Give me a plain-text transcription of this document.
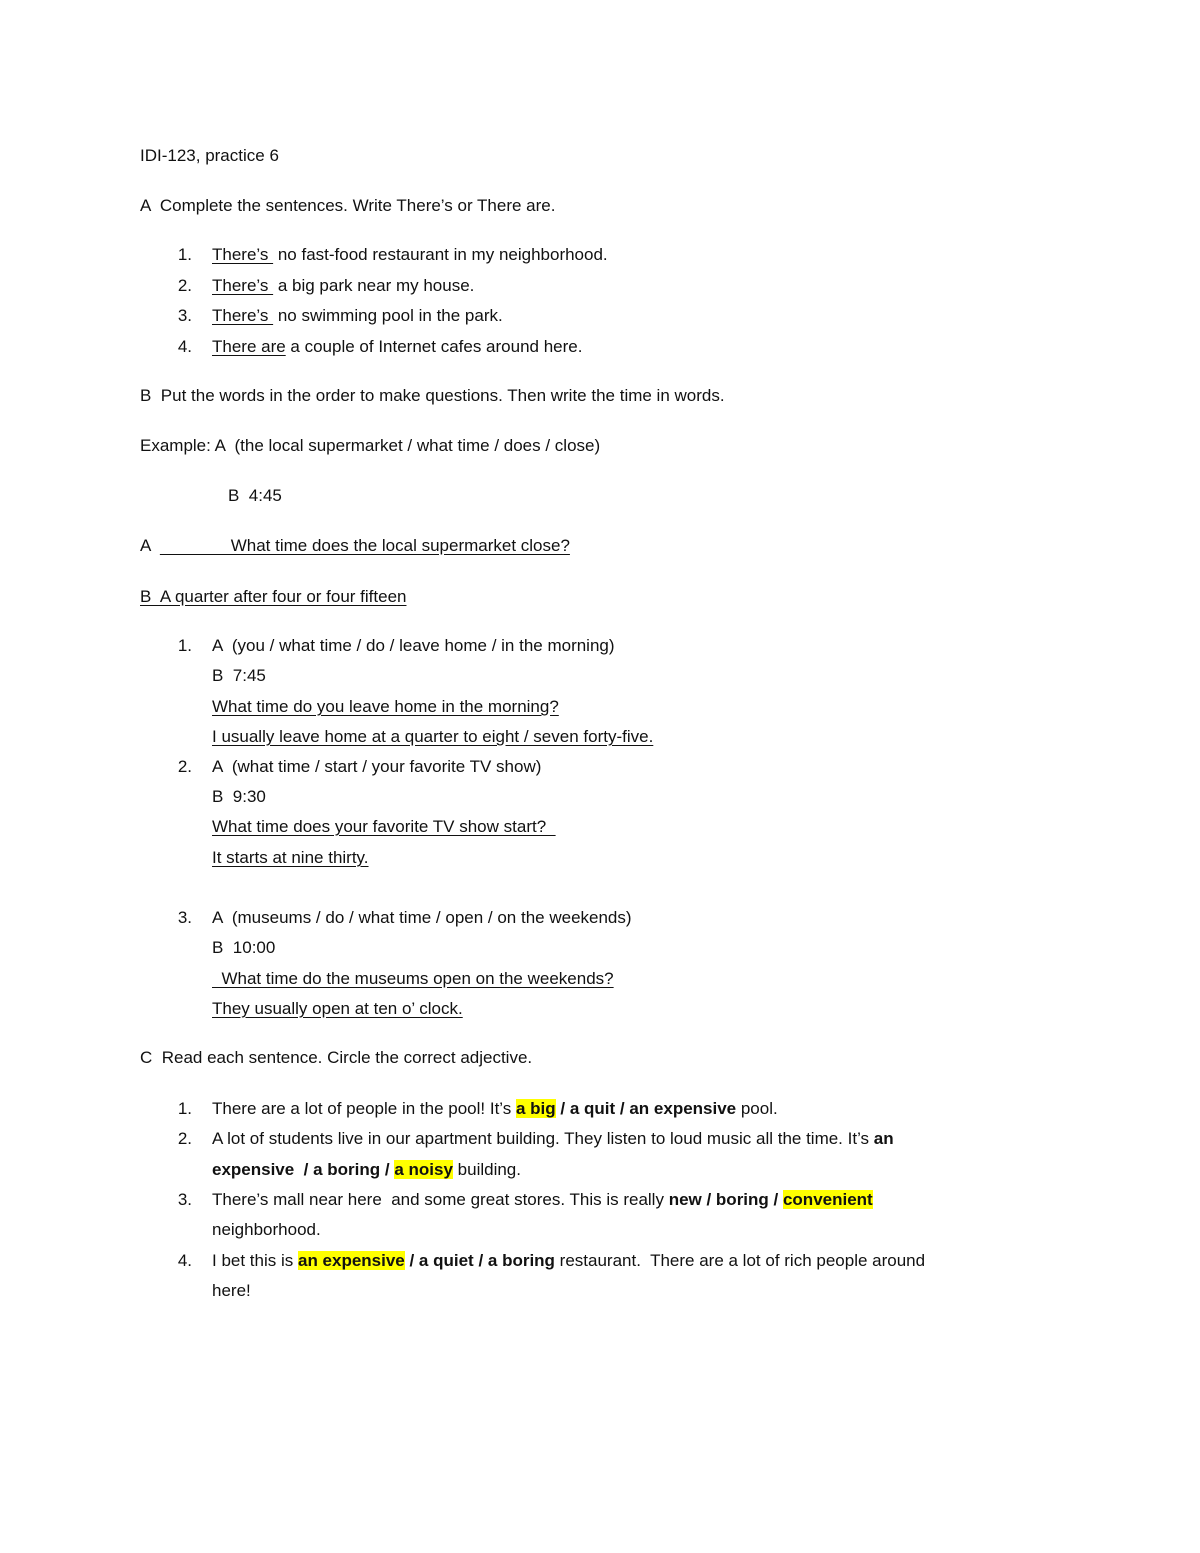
IDI-123, practice 6
A  Complete the sentences. Write There’s or There are.
1. There’s  no fast-food restaurant in my neighborhood.
2. There’s  a big park near my house.
3. There’s  no swimming pool in the park.
4. There are a couple of Internet cafes around here.
B  Put the words in the order to make questions. Then write the time in words.
Example: A  (the local supermarket / what time / does / close)
B  4:45
A                 What time does the local supermarket close?
B  A quarter after four or four fifteen
1. A  (you / what time / do / leave home / in the morning)
B  7:45
What time do you leave home in the morning?
I usually leave home at a quarter to eight / seven forty-five.
2. A  (what time / start / your favorite TV show)
B  9:30
What time does your favorite TV show start?
It starts at nine thirty.
3. A  (museums / do / what time / open / on the weekends)
B  10:00
What time do the museums open on the weekends?
They usually open at ten o’ clock.
C  Read each sentence. Circle the correct adjective.
1. There are a lot of people in the pool! It’s a big / a quit / an expensive pool.
2. A lot of students live in our apartment building. They listen to loud music all the time. It’s an
expensive  / a boring / a noisy building.
3. There’s mall near here  and some great stores. This is really new / boring / convenient
neighborhood.
4. I bet this is an expensive / a quiet / a boring restaurant.  There are a lot of rich people around
here!
